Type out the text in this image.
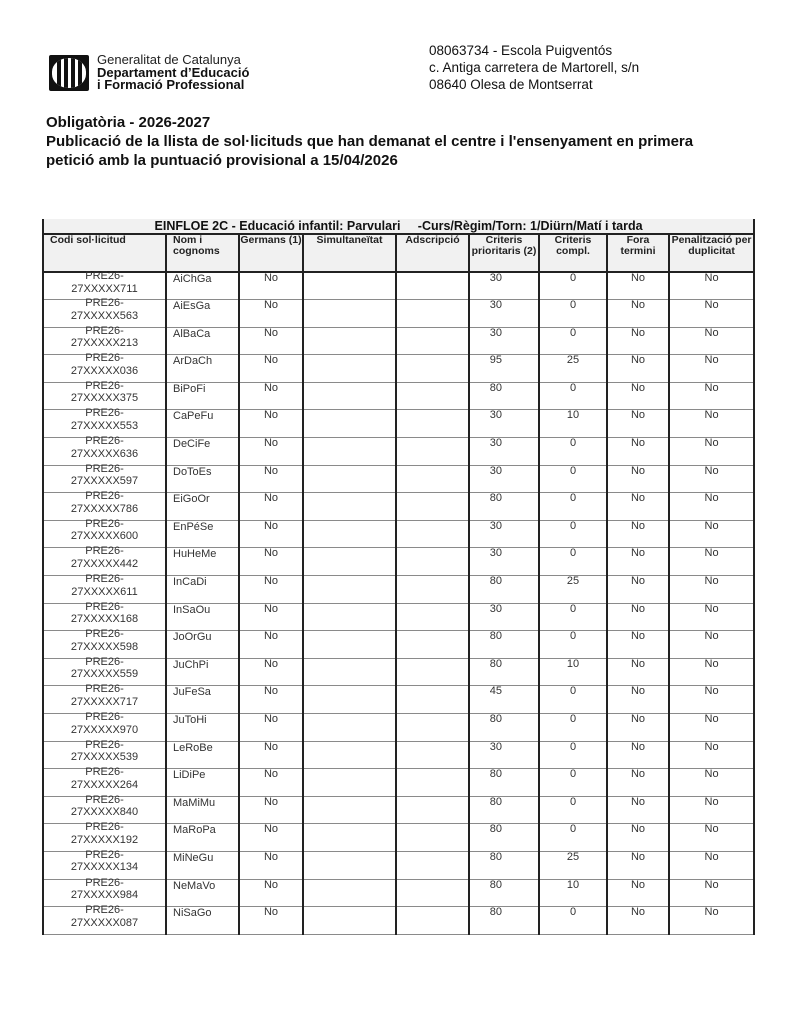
Generalitat de Catalunya
Departament d’Educació
i Formació Professional
08063734 - Escola Puigventós
c. Antiga carretera de Martorell, s/n
08640 Olesa de Montserrat
Obligatòria - 2026-2027
Publicació de la llista de sol·licituds que han demanat el centre i l'ensenyament en primera
petició amb la puntuació provisional a 15/04/2026
EINFLOE 2C - Educació infantil: Parvulari     -Curs/Règim/Torn: 1/Diürn/Matí i tarda								
Codi sol·licitud	Nom i cognoms	Germans (1)	Simultaneïtat	Adscripció	Criteris prioritaris (2)	Criteris compl.	Fora termini	Penalització per duplicitat

PRE26-
27XXXXX711	AiChGa	No			30	0	No	No

PRE26-
27XXXXX563	AiEsGa	No			30	0	No	No

PRE26-
27XXXXX213	AlBaCa	No			30	0	No	No

PRE26-
27XXXXX036	ArDaCh	No			95	25	No	No

PRE26-
27XXXXX375	BiPoFi	No			80	0	No	No

PRE26-
27XXXXX553	CaPeFu	No			30	10	No	No

PRE26-
27XXXXX636	DeCiFe	No			30	0	No	No

PRE26-
27XXXXX597	DoToEs	No			30	0	No	No

PRE26-
27XXXXX786	EiGoOr	No			80	0	No	No

PRE26-
27XXXXX600	EnPéSe	No			30	0	No	No

PRE26-
27XXXXX442	HuHeMe	No			30	0	No	No

PRE26-
27XXXXX611	InCaDi	No			80	25	No	No

PRE26-
27XXXXX168	InSaOu	No			30	0	No	No

PRE26-
27XXXXX598	JoOrGu	No			80	0	No	No

PRE26-
27XXXXX559	JuChPi	No			80	10	No	No

PRE26-
27XXXXX717	JuFeSa	No			45	0	No	No

PRE26-
27XXXXX970	JuToHi	No			80	0	No	No

PRE26-
27XXXXX539	LeRoBe	No			30	0	No	No

PRE26-
27XXXXX264	LiDiPe	No			80	0	No	No

PRE26-
27XXXXX840	MaMiMu	No			80	0	No	No

PRE26-
27XXXXX192	MaRoPa	No			80	0	No	No

PRE26-
27XXXXX134	MiNeGu	No			80	25	No	No

PRE26-
27XXXXX984	NeMaVo	No			80	10	No	No

PRE26-
27XXXXX087	NiSaGo	No			80	0	No	No
